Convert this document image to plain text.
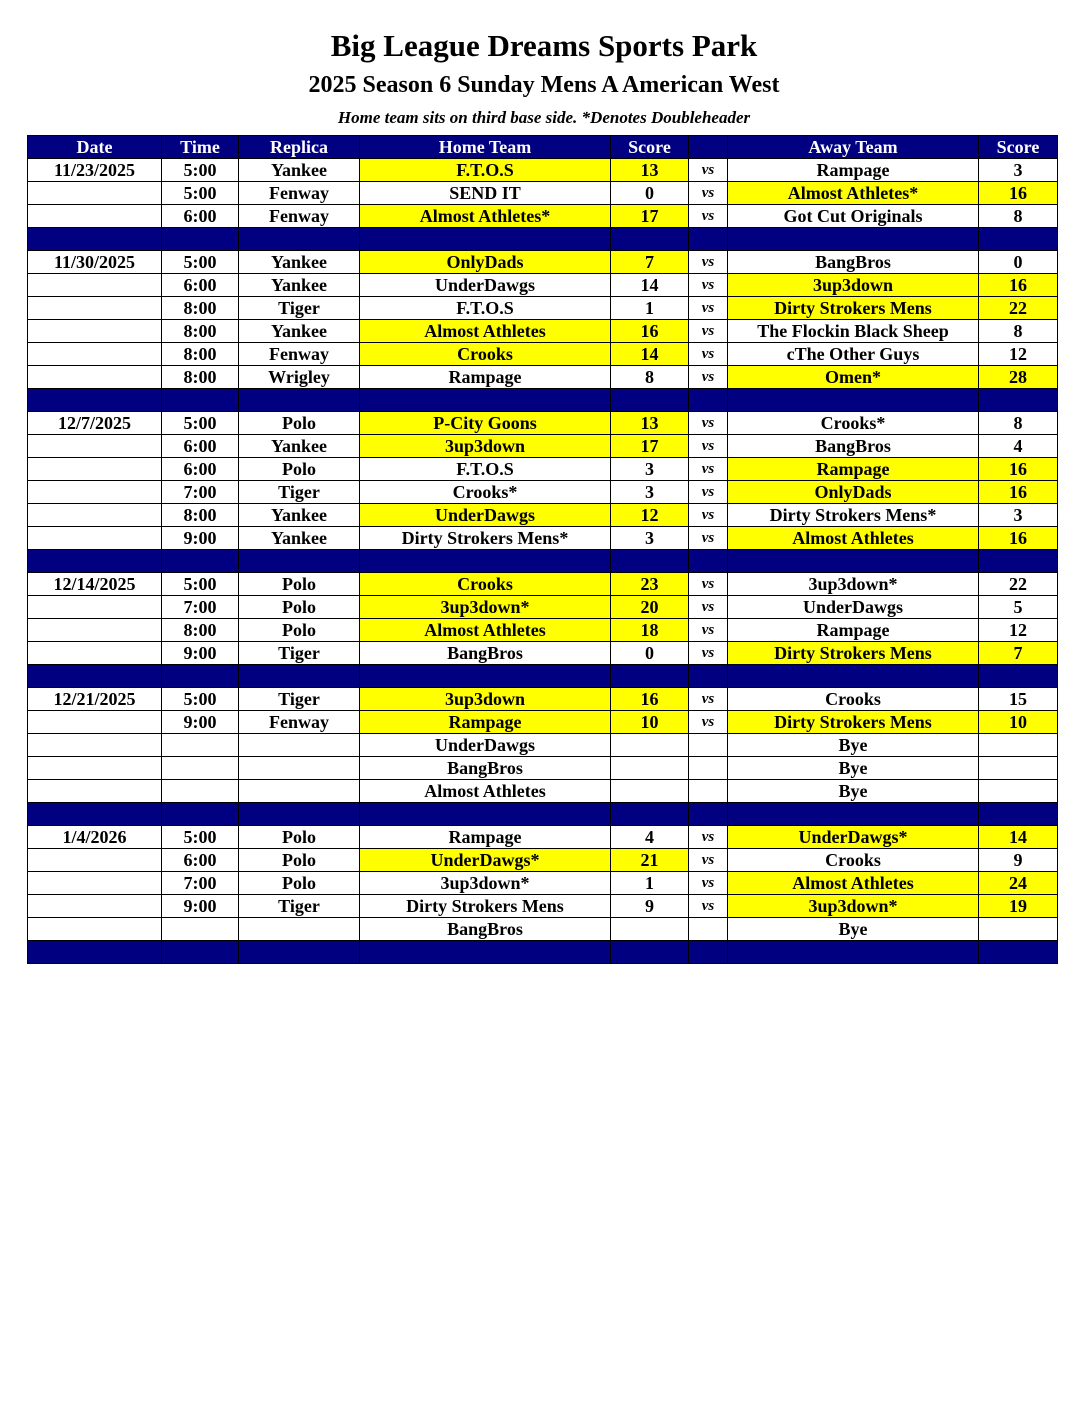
Big League Dreams Sports Park
2025 Season 6 Sunday Mens A American West
Home team sits on third base side. *Denotes Doubleheader
Date	Time	Replica	Home Team	Score		Away Team	Score
11/23/2025	5:00	Yankee	F.T.O.S	13	vs	Rampage	3
	5:00	Fenway	SEND IT	0	vs	Almost Athletes*	16
	6:00	Fenway	Almost Athletes*	17	vs	Got Cut Originals	8

11/30/2025	5:00	Yankee	OnlyDads	7	vs	BangBros	0
	6:00	Yankee	UnderDawgs	14	vs	3up3down	16
	8:00	Tiger	F.T.O.S	1	vs	Dirty Strokers Mens	22
	8:00	Yankee	Almost Athletes	16	vs	The Flockin Black Sheep	8
	8:00	Fenway	Crooks	14	vs	cThe Other Guys	12
	8:00	Wrigley	Rampage	8	vs	Omen*	28

12/7/2025	5:00	Polo	P-City Goons	13	vs	Crooks*	8
	6:00	Yankee	3up3down	17	vs	BangBros	4
	6:00	Polo	F.T.O.S	3	vs	Rampage	16
	7:00	Tiger	Crooks*	3	vs	OnlyDads	16
	8:00	Yankee	UnderDawgs	12	vs	Dirty Strokers Mens*	3
	9:00	Yankee	Dirty Strokers Mens*	3	vs	Almost Athletes	16

12/14/2025	5:00	Polo	Crooks	23	vs	3up3down*	22
	7:00	Polo	3up3down*	20	vs	UnderDawgs	5
	8:00	Polo	Almost Athletes	18	vs	Rampage	12
	9:00	Tiger	BangBros	0	vs	Dirty Strokers Mens	7

12/21/2025	5:00	Tiger	3up3down	16	vs	Crooks	15
	9:00	Fenway	Rampage	10	vs	Dirty Strokers Mens	10
			UnderDawgs			Bye	
			BangBros			Bye	
			Almost Athletes			Bye	

1/4/2026	5:00	Polo	Rampage	4	vs	UnderDawgs*	14
	6:00	Polo	UnderDawgs*	21	vs	Crooks	9
	7:00	Polo	3up3down*	1	vs	Almost Athletes	24
	9:00	Tiger	Dirty Strokers Mens	9	vs	3up3down*	19
			BangBros			Bye	
